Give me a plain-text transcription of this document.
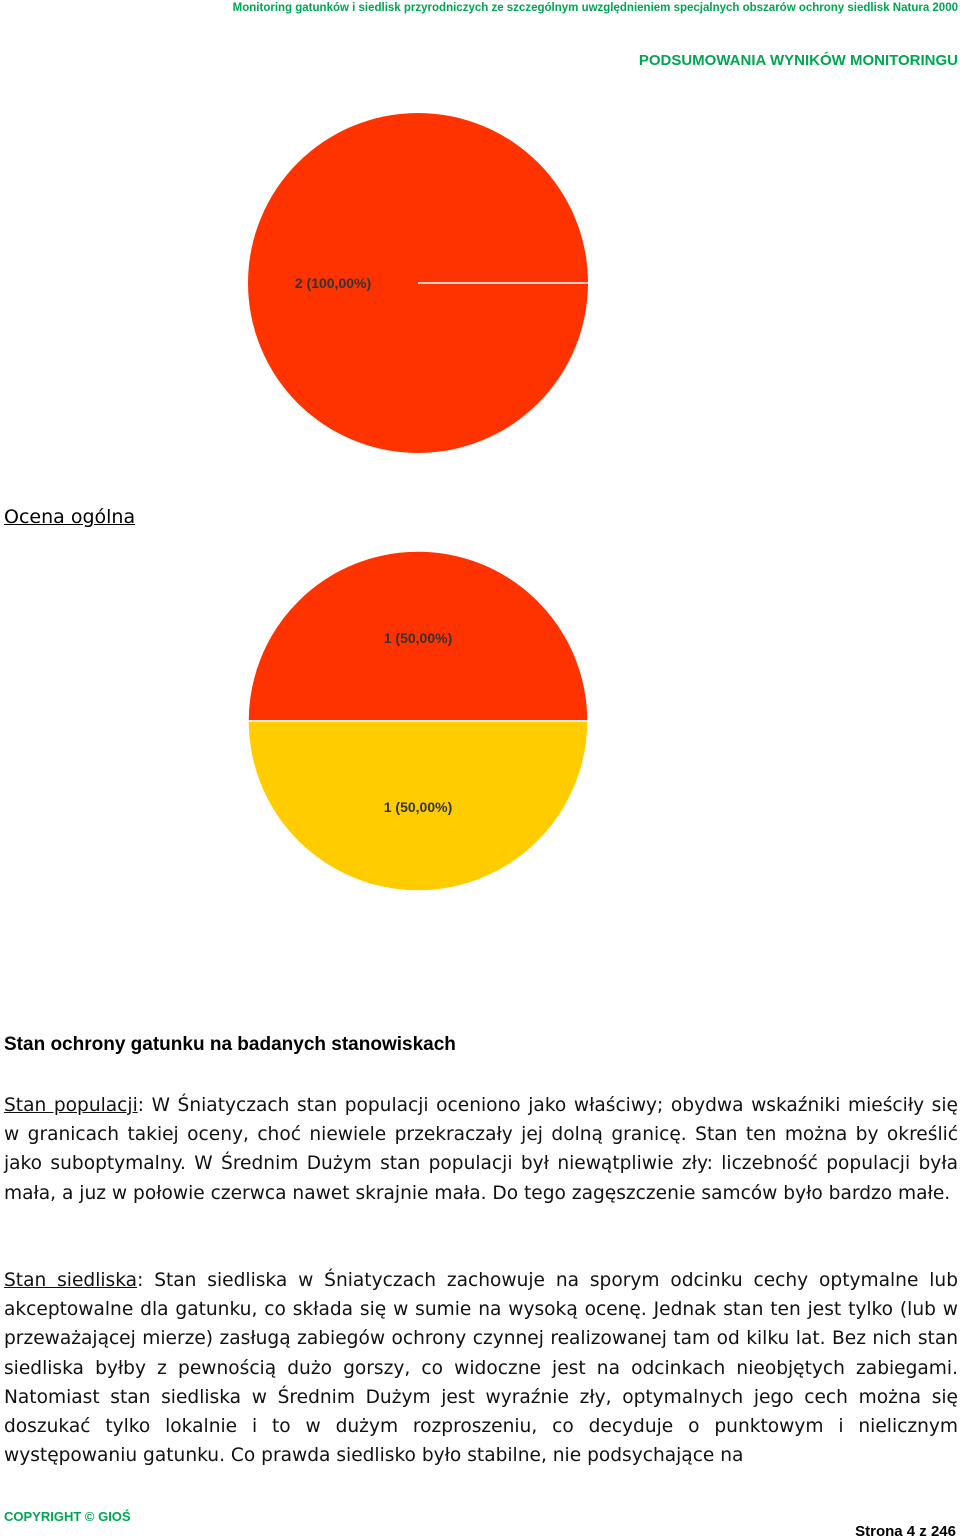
Monitoring gatunków i siedlisk przyrodniczych ze szczególnym uwzględnieniem specjalnych obszarów ochrony siedlisk Natura 2000
PODSUMOWANIA WYNIKÓW MONITORINGU
2 (100,00%)
Ocena ogólna
1 (50,00%)
1 (50,00%)
Stan ochrony gatunku na badanych stanowiskach
Stan populacji: W Śniatyczach stan populacji oceniono jako właściwy; obydwa wskaźniki mieściły się w granicach takiej oceny, choć niewiele przekraczały jej dolną granicę. Stan ten można by określić jako suboptymalny. W Średnim Dużym stan populacji był niewątpliwie zły: liczebność populacji była mała, a juz w połowie czerwca nawet skrajnie mała. Do tego zagęszczenie samców było bardzo małe.
Stan siedliska: Stan siedliska w Śniatyczach zachowuje na sporym odcinku cechy optymalne lub akceptowalne dla gatunku, co składa się w sumie na wysoką ocenę. Jednak stan ten jest tylko (lub w przeważającej mierze) zasługą zabiegów ochrony czynnej realizowanej tam od kilku lat. Bez nich stan siedliska byłby z pewnością dużo gorszy, co widoczne jest na odcinkach nieobjętych zabiegami. Natomiast stan siedliska w Średnim Dużym jest wyraźnie zły, optymalnych jego cech można się doszukać tylko lokalnie i to w dużym rozproszeniu, co decyduje o punktowym i nielicznym występowaniu gatunku. Co prawda siedlisko było stabilne, nie podsychające na
COPYRIGHT © GIOŚ
Strona 4 z 246
